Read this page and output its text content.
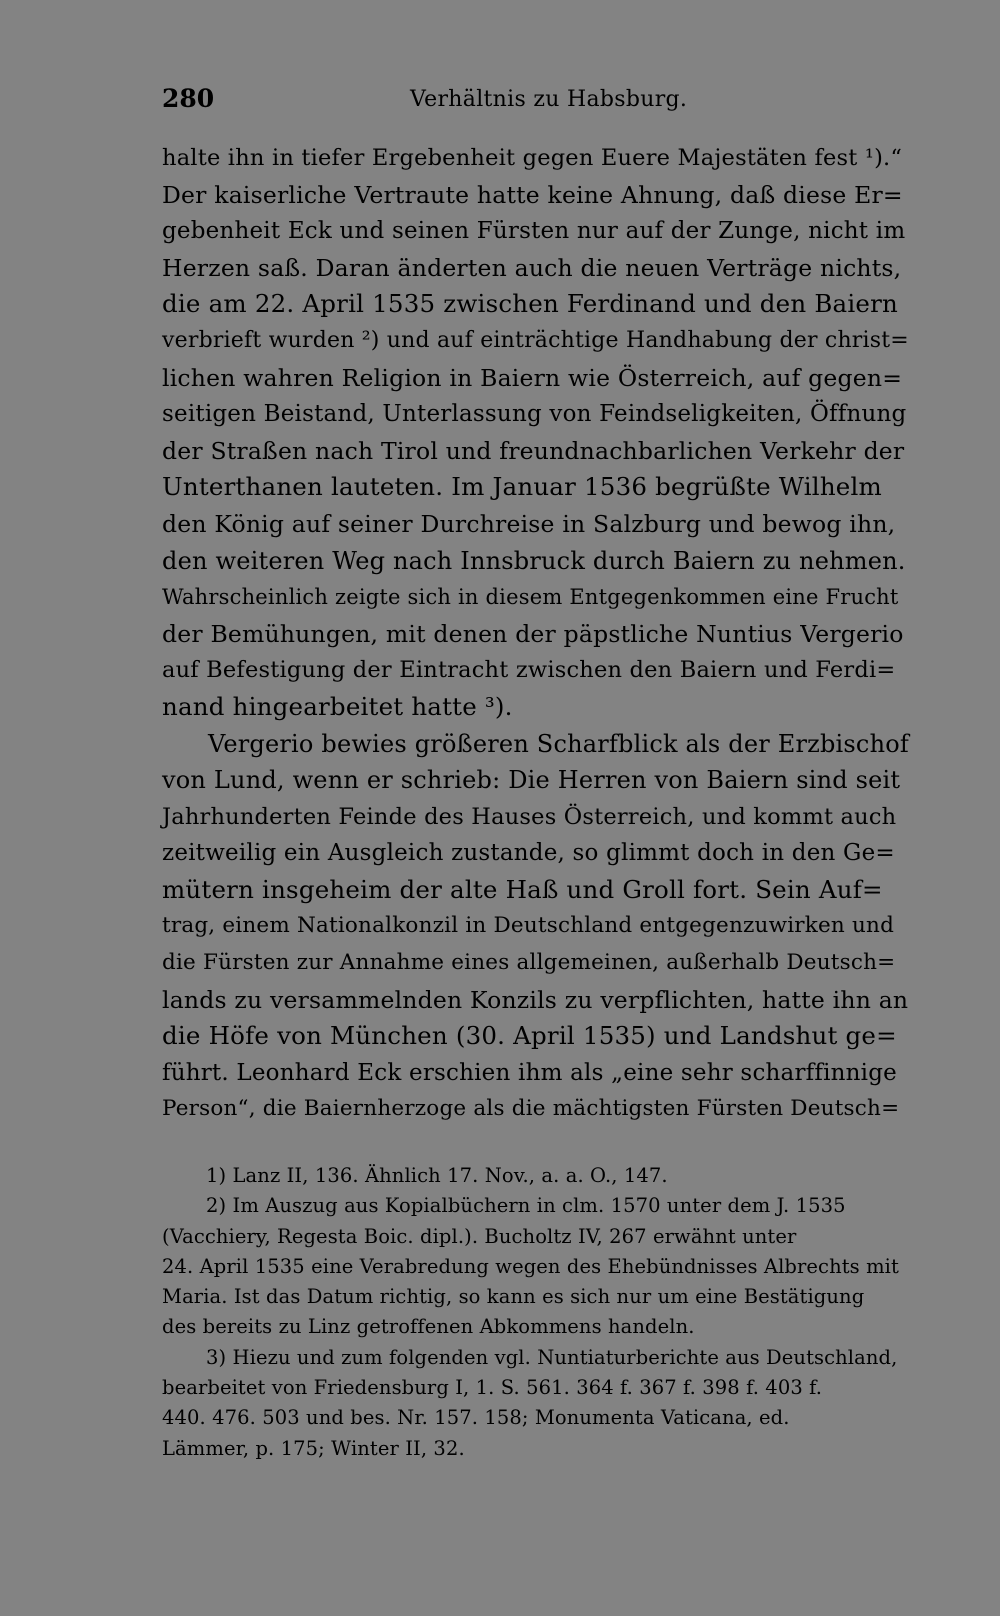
280	Verhältnis zu Habsburg.
halte ihn in tiefer Ergebenheit gegen Euere Majestäten fest ¹).“
Der kaiserliche Vertraute hatte keine Ahnung, daß diese Er=
gebenheit Eck und seinen Fürsten nur auf der Zunge, nicht im
Herzen saß. Daran änderten auch die neuen Verträge nichts,
die am 22. April 1535 zwischen Ferdinand und den Baiern
verbrieft wurden ²) und auf einträchtige Handhabung der christ=
lichen wahren Religion in Baiern wie Österreich, auf gegen=
seitigen Beistand, Unterlassung von Feindseligkeiten, Öffnung
der Straßen nach Tirol und freundnachbarlichen Verkehr der
Unterthanen lauteten. Im Januar 1536 begrüßte Wilhelm
den König auf seiner Durchreise in Salzburg und bewog ihn,
den weiteren Weg nach Innsbruck durch Baiern zu nehmen.
Wahrscheinlich zeigte sich in diesem Entgegenkommen eine Frucht
der Bemühungen, mit denen der päpstliche Nuntius Vergerio
auf Befestigung der Eintracht zwischen den Baiern und Ferdi=
nand hingearbeitet hatte ³).
Vergerio bewies größeren Scharfblick als der Erzbischof
von Lund, wenn er schrieb: Die Herren von Baiern sind seit
Jahrhunderten Feinde des Hauses Österreich, und kommt auch
zeitweilig ein Ausgleich zustande, so glimmt doch in den Ge=
mütern insgeheim der alte Haß und Groll fort. Sein Auf=
trag, einem Nationalkonzil in Deutschland entgegenzuwirken und
die Fürsten zur Annahme eines allgemeinen, außerhalb Deutsch=
lands zu versammelnden Konzils zu verpflichten, hatte ihn an
die Höfe von München (30. April 1535) und Landshut ge=
führt. Leonhard Eck erschien ihm als „eine sehr scharffinnige
Person“, die Baiernherzoge als die mächtigsten Fürsten Deutsch=
1) Lanz II, 136. Ähnlich 17. Nov., a. a. O., 147.
2) Im Auszug aus Kopialbüchern in clm. 1570 unter dem J. 1535
(Vacchiery, Regesta Boic. dipl.). Bucholtz IV, 267 erwähnt unter
24. April 1535 eine Verabredung wegen des Ehebündnisses Albrechts mit
Maria. Ist das Datum richtig, so kann es sich nur um eine Bestätigung
des bereits zu Linz getroffenen Abkommens handeln.
3) Hiezu und zum folgenden vgl. Nuntiaturberichte aus Deutschland,
bearbeitet von Friedensburg I, 1. S. 561. 364 f. 367 f. 398 f. 403 f.
440. 476. 503 und bes. Nr. 157. 158; Monumenta Vaticana, ed.
Lämmer, p. 175; Winter II, 32.
